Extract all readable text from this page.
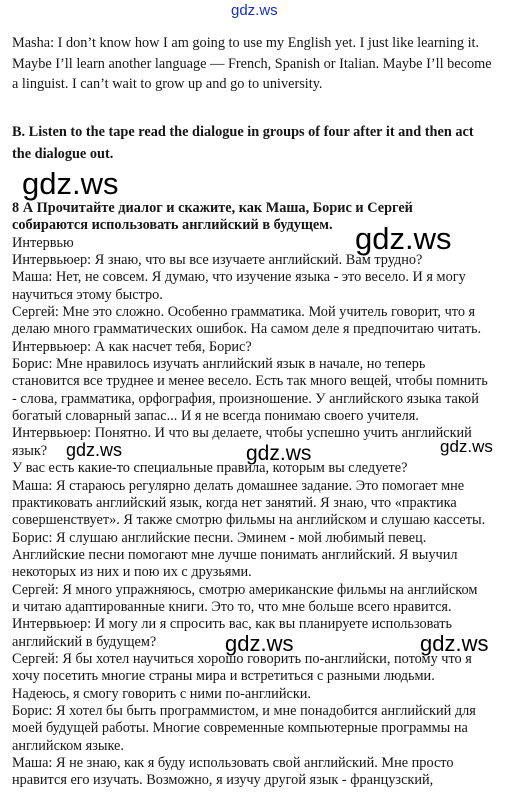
gdz.ws
Masha: I don’t know how I am going to use my English yet. I just like learning it.
Maybe I’ll learn another language — French, Spanish or Italian. Maybe I’ll become
a linguist. I can’t wait to grow up and go to university.
B. Listen to the tape read the dialogue in groups of four after it and then act
the dialogue out.
gdz.ws
8 А Прочитайте диалог и скажите, как Маша, Борис и Сергей
собираются использовать английский в будущем.
Интервью
Интервьюер: Я знаю, что вы все изучаете английский. Вам трудно?
Маша: Нет, не совсем. Я думаю, что изучение языка - это весело. И я могу
научиться этому быстро.
Сергей: Мне это сложно. Особенно грамматика. Мой учитель говорит, что я
делаю много грамматических ошибок. На самом деле я предпочитаю читать.
Интервьюер: А как насчет тебя, Борис?
Борис: Мне нравилось изучать английский язык в начале, но теперь
становится все труднее и менее весело. Есть так много вещей, чтобы помнить
- слова, грамматика, орфография, произношение. У английского языка такой
богатый словарный запас... И я не всегда понимаю своего учителя.
Интервьюер: Понятно. И что вы делаете, чтобы успешно учить английский
язык?
У вас есть какие-то специальные правила, которым вы следуете?
Маша: Я стараюсь регулярно делать домашнее задание. Это помогает мне
практиковать английский язык, когда нет занятий. Я знаю, что «практика
совершенствует». Я также смотрю фильмы на английском и слушаю кассеты.
Борис: Я слушаю английские песни. Эминем - мой любимый певец.
Английские песни помогают мне лучше понимать английский. Я выучил
некоторых из них и пою их с друзьями.
Сергей: Я много упражняюсь, смотрю американские фильмы на английском
и читаю адаптированные книги. Это то, что мне больше всего нравится.
Интервьюер: И могу ли я спросить вас, как вы планируете использовать
английский в будущем?
Сергей: Я бы хотел научиться хорошо говорить по-английски, потому что я
хочу посетить многие страны мира и встретиться с разными людьми.
Надеюсь, я смогу говорить с ними по-английски.
Борис: Я хотел бы быть программистом, и мне понадобится английский для
моей будущей работы. Многие современные компьютерные программы на
английском языке.
Маша: Я не знаю, как я буду использовать свой английский. Мне просто
нравится его изучать. Возможно, я изучу другой язык - французский,
gdz.ws
gdz.ws	gdz.ws	gdz.ws
gdz.ws	gdz.ws
